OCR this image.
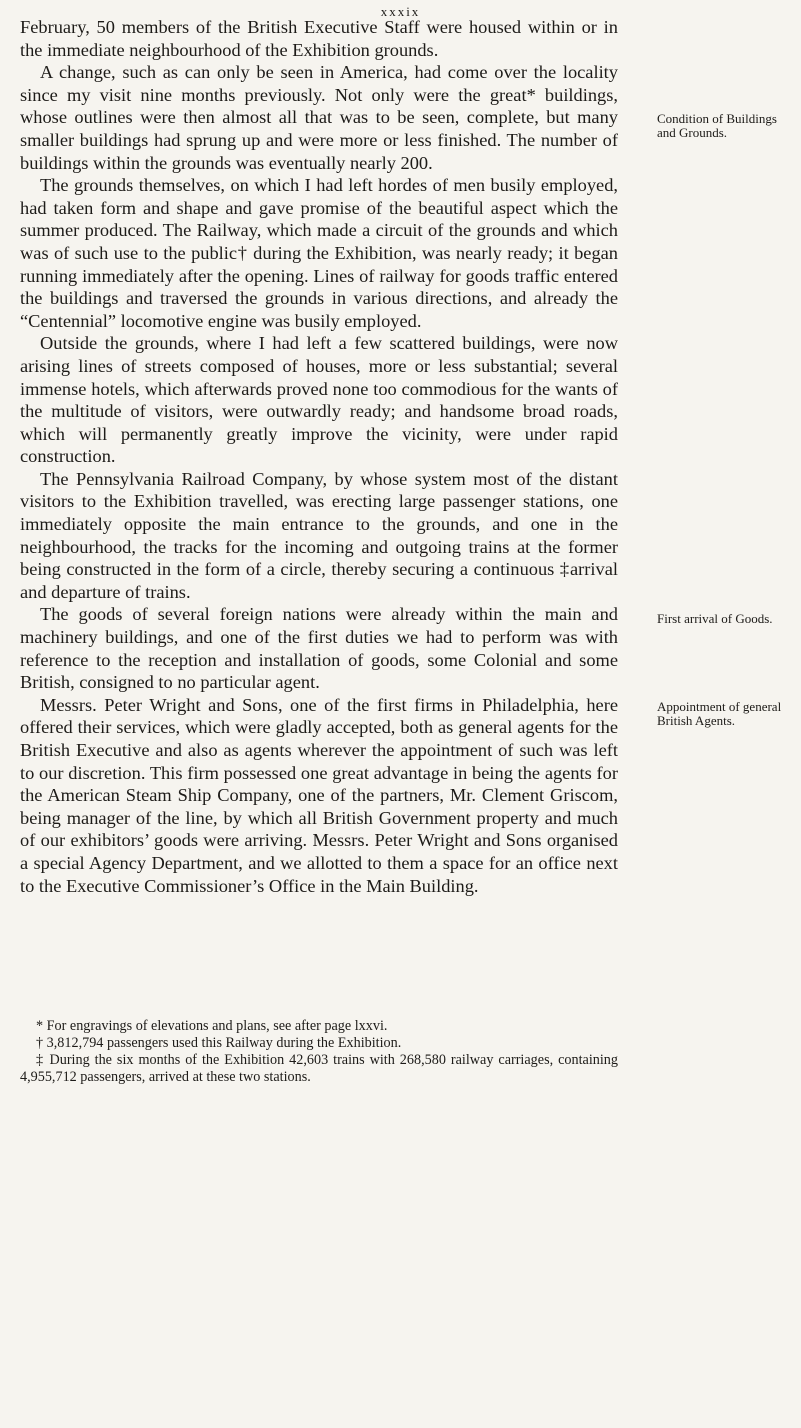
xxxix

February, 50 members of the British Executive Staff were housed within or in the immediate neighbourhood of the Exhibition grounds.

A change, such as can only be seen in America, had come over the locality since my visit nine months previously. Not only were the great* buildings, whose outlines were then almost all that was to be seen, complete, but many smaller buildings had sprung up and were more or less finished. The number of buildings within the grounds was eventually nearly 200.

The grounds themselves, on which I had left hordes of men busily employed, had taken form and shape and gave promise of the beautiful aspect which the summer produced. The Railway, which made a circuit of the grounds and which was of such use to the public† during the Exhibition, was nearly ready; it began running immediately after the opening. Lines of railway for goods traffic entered the buildings and traversed the grounds in various directions, and already the “Centennial” locomotive engine was busily employed.

Outside the grounds, where I had left a few scattered buildings, were now arising lines of streets composed of houses, more or less substantial; several immense hotels, which afterwards proved none too commodious for the wants of the multitude of visitors, were outwardly ready; and handsome broad roads, which will permanently greatly improve the vicinity, were under rapid construction.

The Pennsylvania Railroad Company, by whose system most of the distant visitors to the Exhibition travelled, was erecting large passenger stations, one immediately opposite the main entrance to the grounds, and one in the neighbourhood, the tracks for the incoming and outgoing trains at the former being constructed in the form of a circle, thereby securing a continuous ‡arrival and departure of trains.

The goods of several foreign nations were already within the main and machinery buildings, and one of the first duties we had to perform was with reference to the reception and installation of goods, some Colonial and some British, consigned to no particular agent.

Messrs. Peter Wright and Sons, one of the first firms in Philadelphia, here offered their services, which were gladly accepted, both as general agents for the British Executive and also as agents wherever the appointment of such was left to our discretion. This firm possessed one great advantage in being the agents for the American Steam Ship Company, one of the partners, Mr. Clement Griscom, being manager of the line, by which all British Government property and much of our exhibitors’ goods were arriving. Messrs. Peter Wright and Sons organised a special Agency Department, and we allotted to them a space for an office next to the Executive Commissioner’s Office in the Main Building.

Condition of Buildings and Grounds.
First arrival of Goods.
Appointment of general British Agents.

* For engravings of elevations and plans, see after page lxxvi.

† 3,812,794 passengers used this Railway during the Exhibition.

‡ During the six months of the Exhibition 42,603 trains with 268,580 railway carriages, containing 4,955,712 passengers, arrived at these two stations.
